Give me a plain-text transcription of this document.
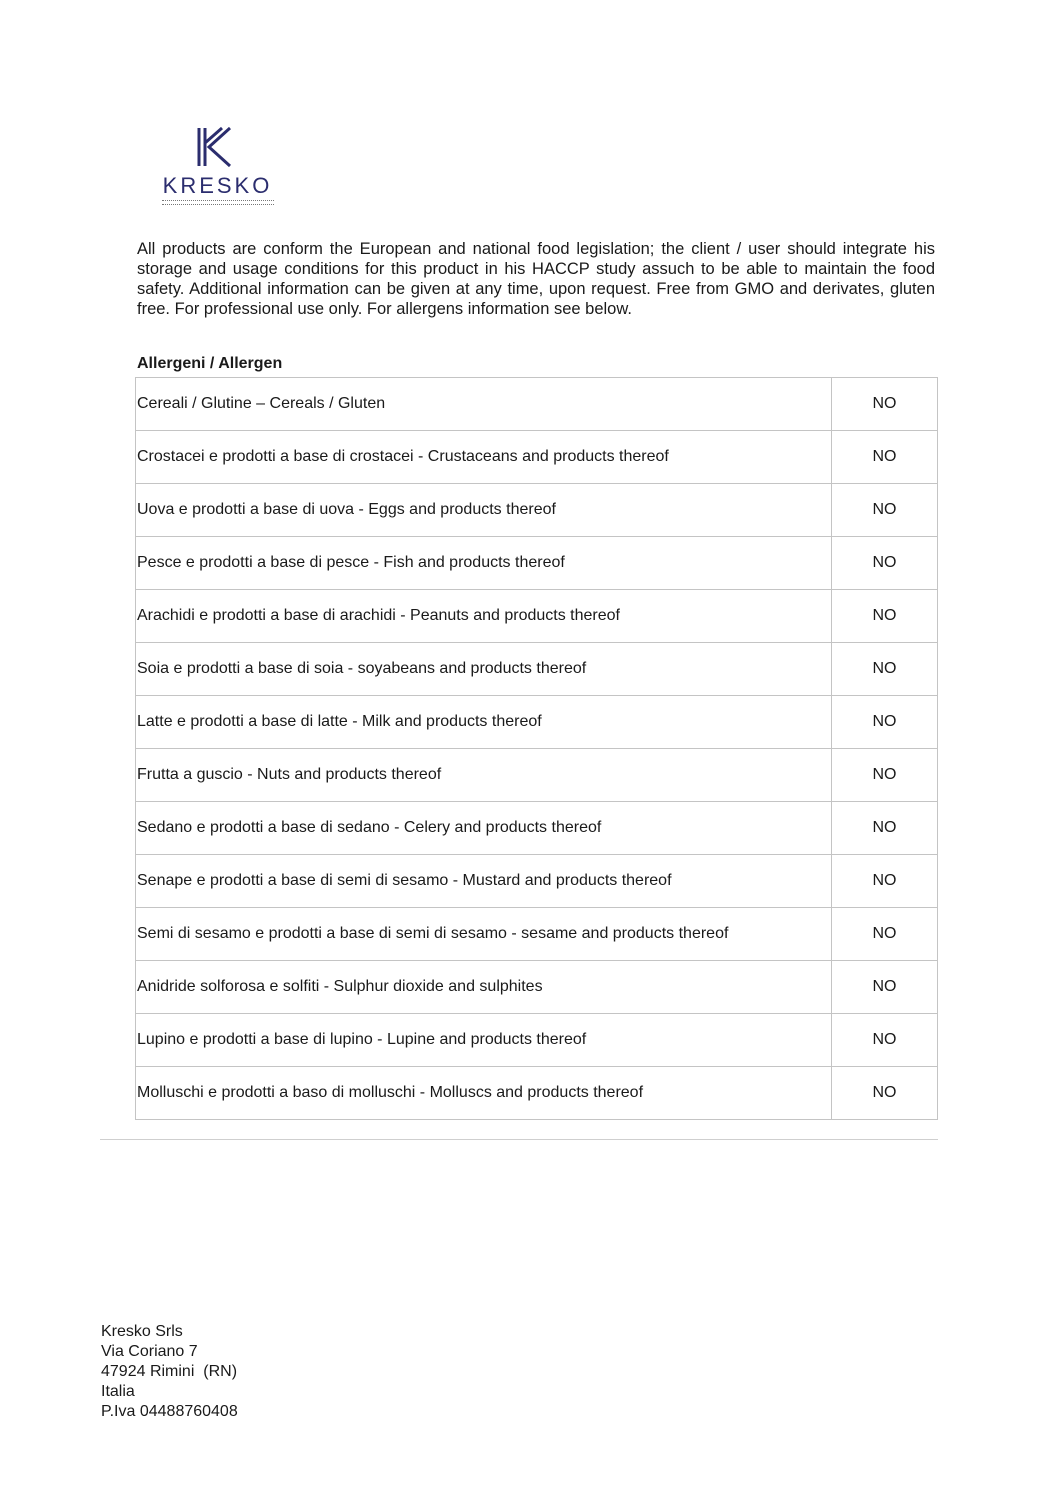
KRESKO

All products are conform the European and national food legislation; the client / user should integrate his storage and usage conditions for this product in his HACCP study assuch to be able to maintain the food safety. Additional information can be given at any time, upon request. Free from GMO and derivates, gluten free. For professional use only. For allergens information see below.

Allergeni / Allergen

Cereali / Glutine – Cereals / Gluten	NO
Crostacei e prodotti a base di crostacei - Crustaceans and products thereof	NO
Uova e prodotti a base di uova - Eggs and products thereof	NO
Pesce e prodotti a base di pesce - Fish and products thereof	NO
Arachidi e prodotti a base di arachidi - Peanuts and products thereof	NO
Soia e prodotti a base di soia - soyabeans and products thereof	NO
Latte e prodotti a base di latte - Milk and products thereof	NO
Frutta a guscio - Nuts and products thereof	NO
Sedano e prodotti a base di sedano - Celery and products thereof	NO
Senape e prodotti a base di semi di sesamo - Mustard and products thereof	NO
Semi di sesamo e prodotti a base di semi di sesamo - sesame and products thereof	NO
Anidride solforosa e solfiti - Sulphur dioxide and sulphites	NO
Lupino e prodotti a base di lupino - Lupine and products thereof	NO
Molluschi e prodotti a baso di molluschi - Molluscs and products thereof	NO
Kresko Srls
Via Coriano 7
47924 Rimini  (RN)
Italia
P.Iva 04488760408
